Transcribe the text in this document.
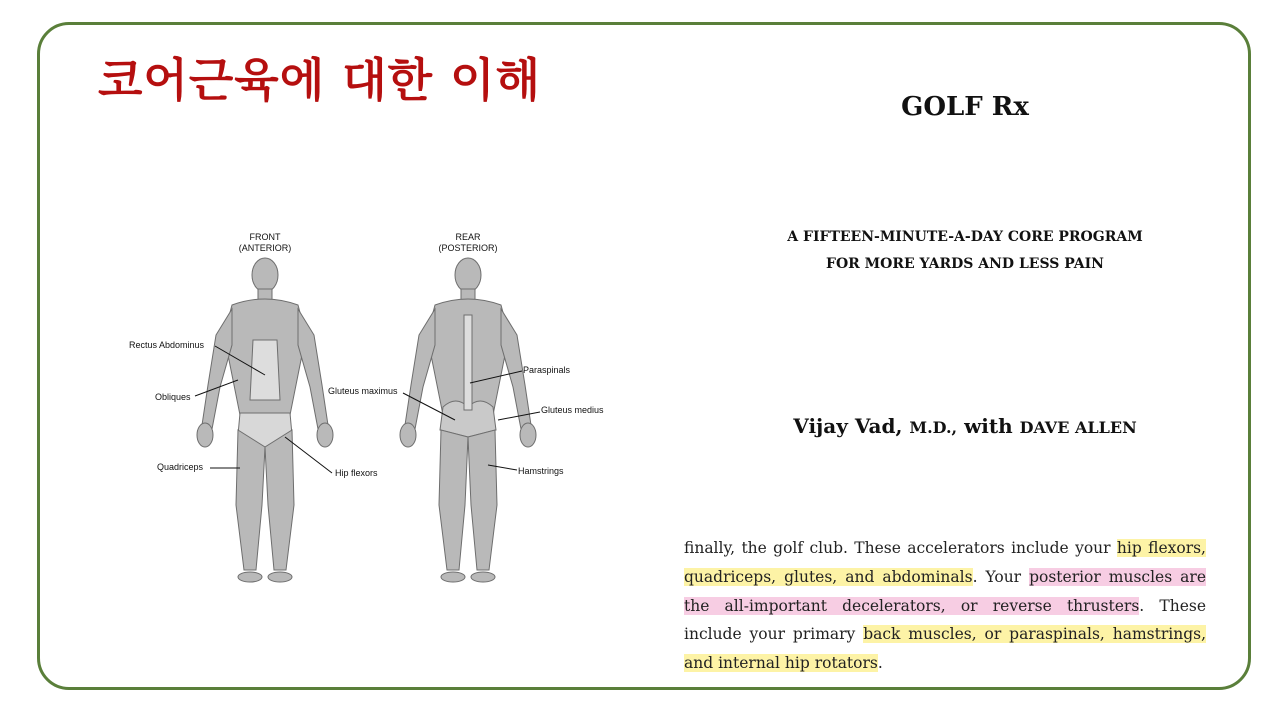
코어근육에 대한 이해
FRONT
(ANTERIOR)
REAR
(POSTERIOR)
Rectus Abdominus
Obliques
Quadriceps
Hip flexors
Gluteus maximus
Paraspinals
Gluteus medius
Hamstrings
GOLF Rx
A FIFTEEN-MINUTE-A-DAY CORE PROGRAM
FOR MORE YARDS AND LESS PAIN
Vijay Vad, M.D., with DAVE ALLEN
finally, the golf club. These accelerators include your hip flexors, quadriceps, glutes, and abdominals. Your posterior muscles are the all-important decelerators, or reverse thrusters. These include your primary back muscles, or paraspinals, hamstrings, and internal hip rotators.
